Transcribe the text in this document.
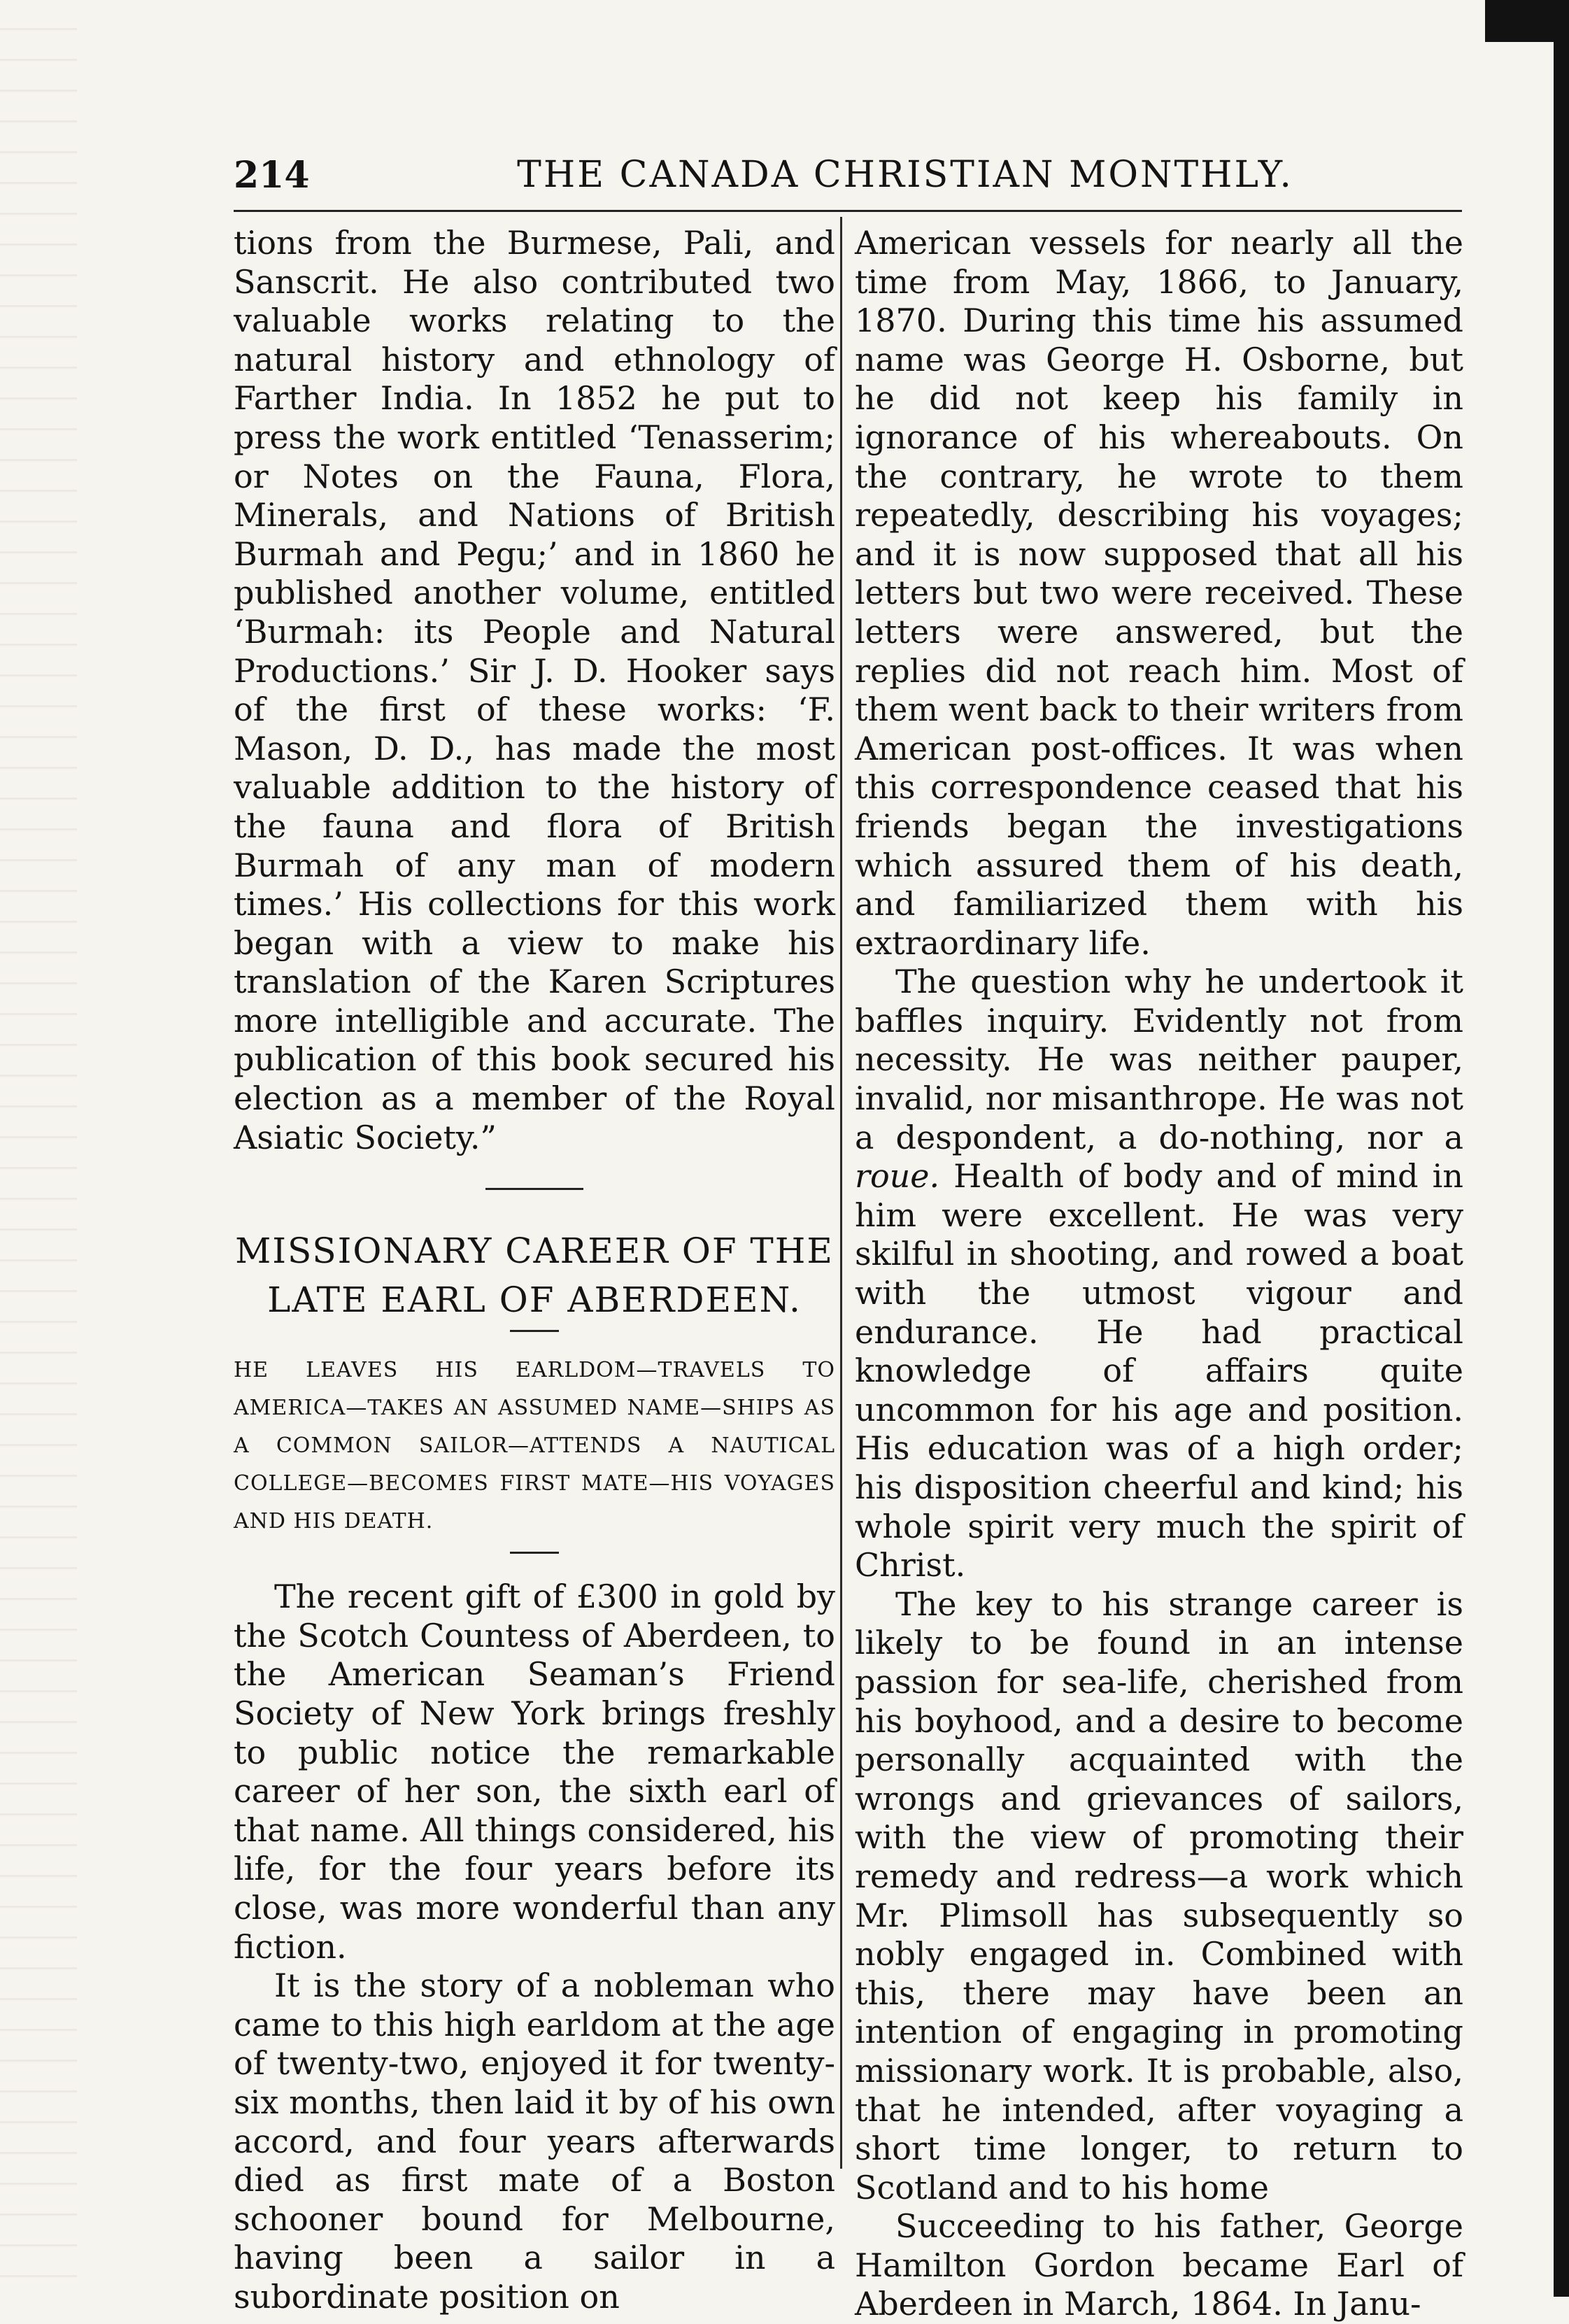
214	THE CANADA CHRISTIAN MONTHLY.

tions from the Burmese, Pali, and Sanscrit. He also contributed two valuable works relating to the natural history and ethnology of Farther India. In 1852 he put to press the work entitled ‘Tenasserim; or Notes on the Fauna, Flora, Minerals, and Nations of British Burmah and Pegu;’ and in 1860 he published another volume, entitled ‘Burmah: its People and Natural Productions.’ Sir J. D. Hooker says of the first of these works: ‘F. Mason, D. D., has made the most valuable addition to the history of the fauna and flora of British Burmah of any man of modern times.’ His collections for this work began with a view to make his translation of the Karen Scriptures more intelligible and accurate. The publication of this book secured his election as a member of the Royal Asiatic Society.”

MISSIONARY CAREER OF THE LATE EARL OF ABERDEEN.

HE LEAVES HIS EARLDOM—TRAVELS TO AMERICA—TAKES AN ASSUMED NAME—SHIPS AS A COMMON SAILOR—ATTENDS A NAUTICAL COLLEGE—BECOMES FIRST MATE—HIS VOYAGES AND HIS DEATH.

The recent gift of £300 in gold by the Scotch Countess of Aberdeen, to the American Seaman’s Friend Society of New York brings freshly to public notice the remarkable career of her son, the sixth earl of that name. All things considered, his life, for the four years before its close, was more wonderful than any fiction.

It is the story of a nobleman who came to this high earldom at the age of twenty-two, enjoyed it for twenty-six months, then laid it by of his own accord, and four years afterwards died as first mate of a Boston schooner bound for Melbourne, having been a sailor in a subordinate position on

American vessels for nearly all the time from May, 1866, to January, 1870. During this time his assumed name was George H. Osborne, but he did not keep his family in ignorance of his whereabouts. On the contrary, he wrote to them repeatedly, describing his voyages; and it is now supposed that all his letters but two were received. These letters were answered, but the replies did not reach him. Most of them went back to their writers from American post-offices. It was when this correspondence ceased that his friends began the investigations which assured them of his death, and familiarized them with his extraordinary life.

The question why he undertook it baffles inquiry. Evidently not from necessity. He was neither pauper, invalid, nor misanthrope. He was not a despondent, a do-nothing, nor a roue. Health of body and of mind in him were excellent. He was very skilful in shooting, and rowed a boat with the utmost vigour and endurance. He had practical knowledge of affairs quite uncommon for his age and position. His education was of a high order; his disposition cheerful and kind; his whole spirit very much the spirit of Christ.

The key to his strange career is likely to be found in an intense passion for sea-life, cherished from his boyhood, and a desire to become personally acquainted with the wrongs and grievances of sailors, with the view of promoting their remedy and redress—a work which Mr. Plimsoll has subsequently so nobly engaged in. Combined with this, there may have been an intention of engaging in promoting missionary work. It is probable, also, that he intended, after voyaging a short time longer, to return to Scotland and to his home

Succeeding to his father, George Hamilton Gordon became Earl of Aberdeen in March, 1864. In Janu-
